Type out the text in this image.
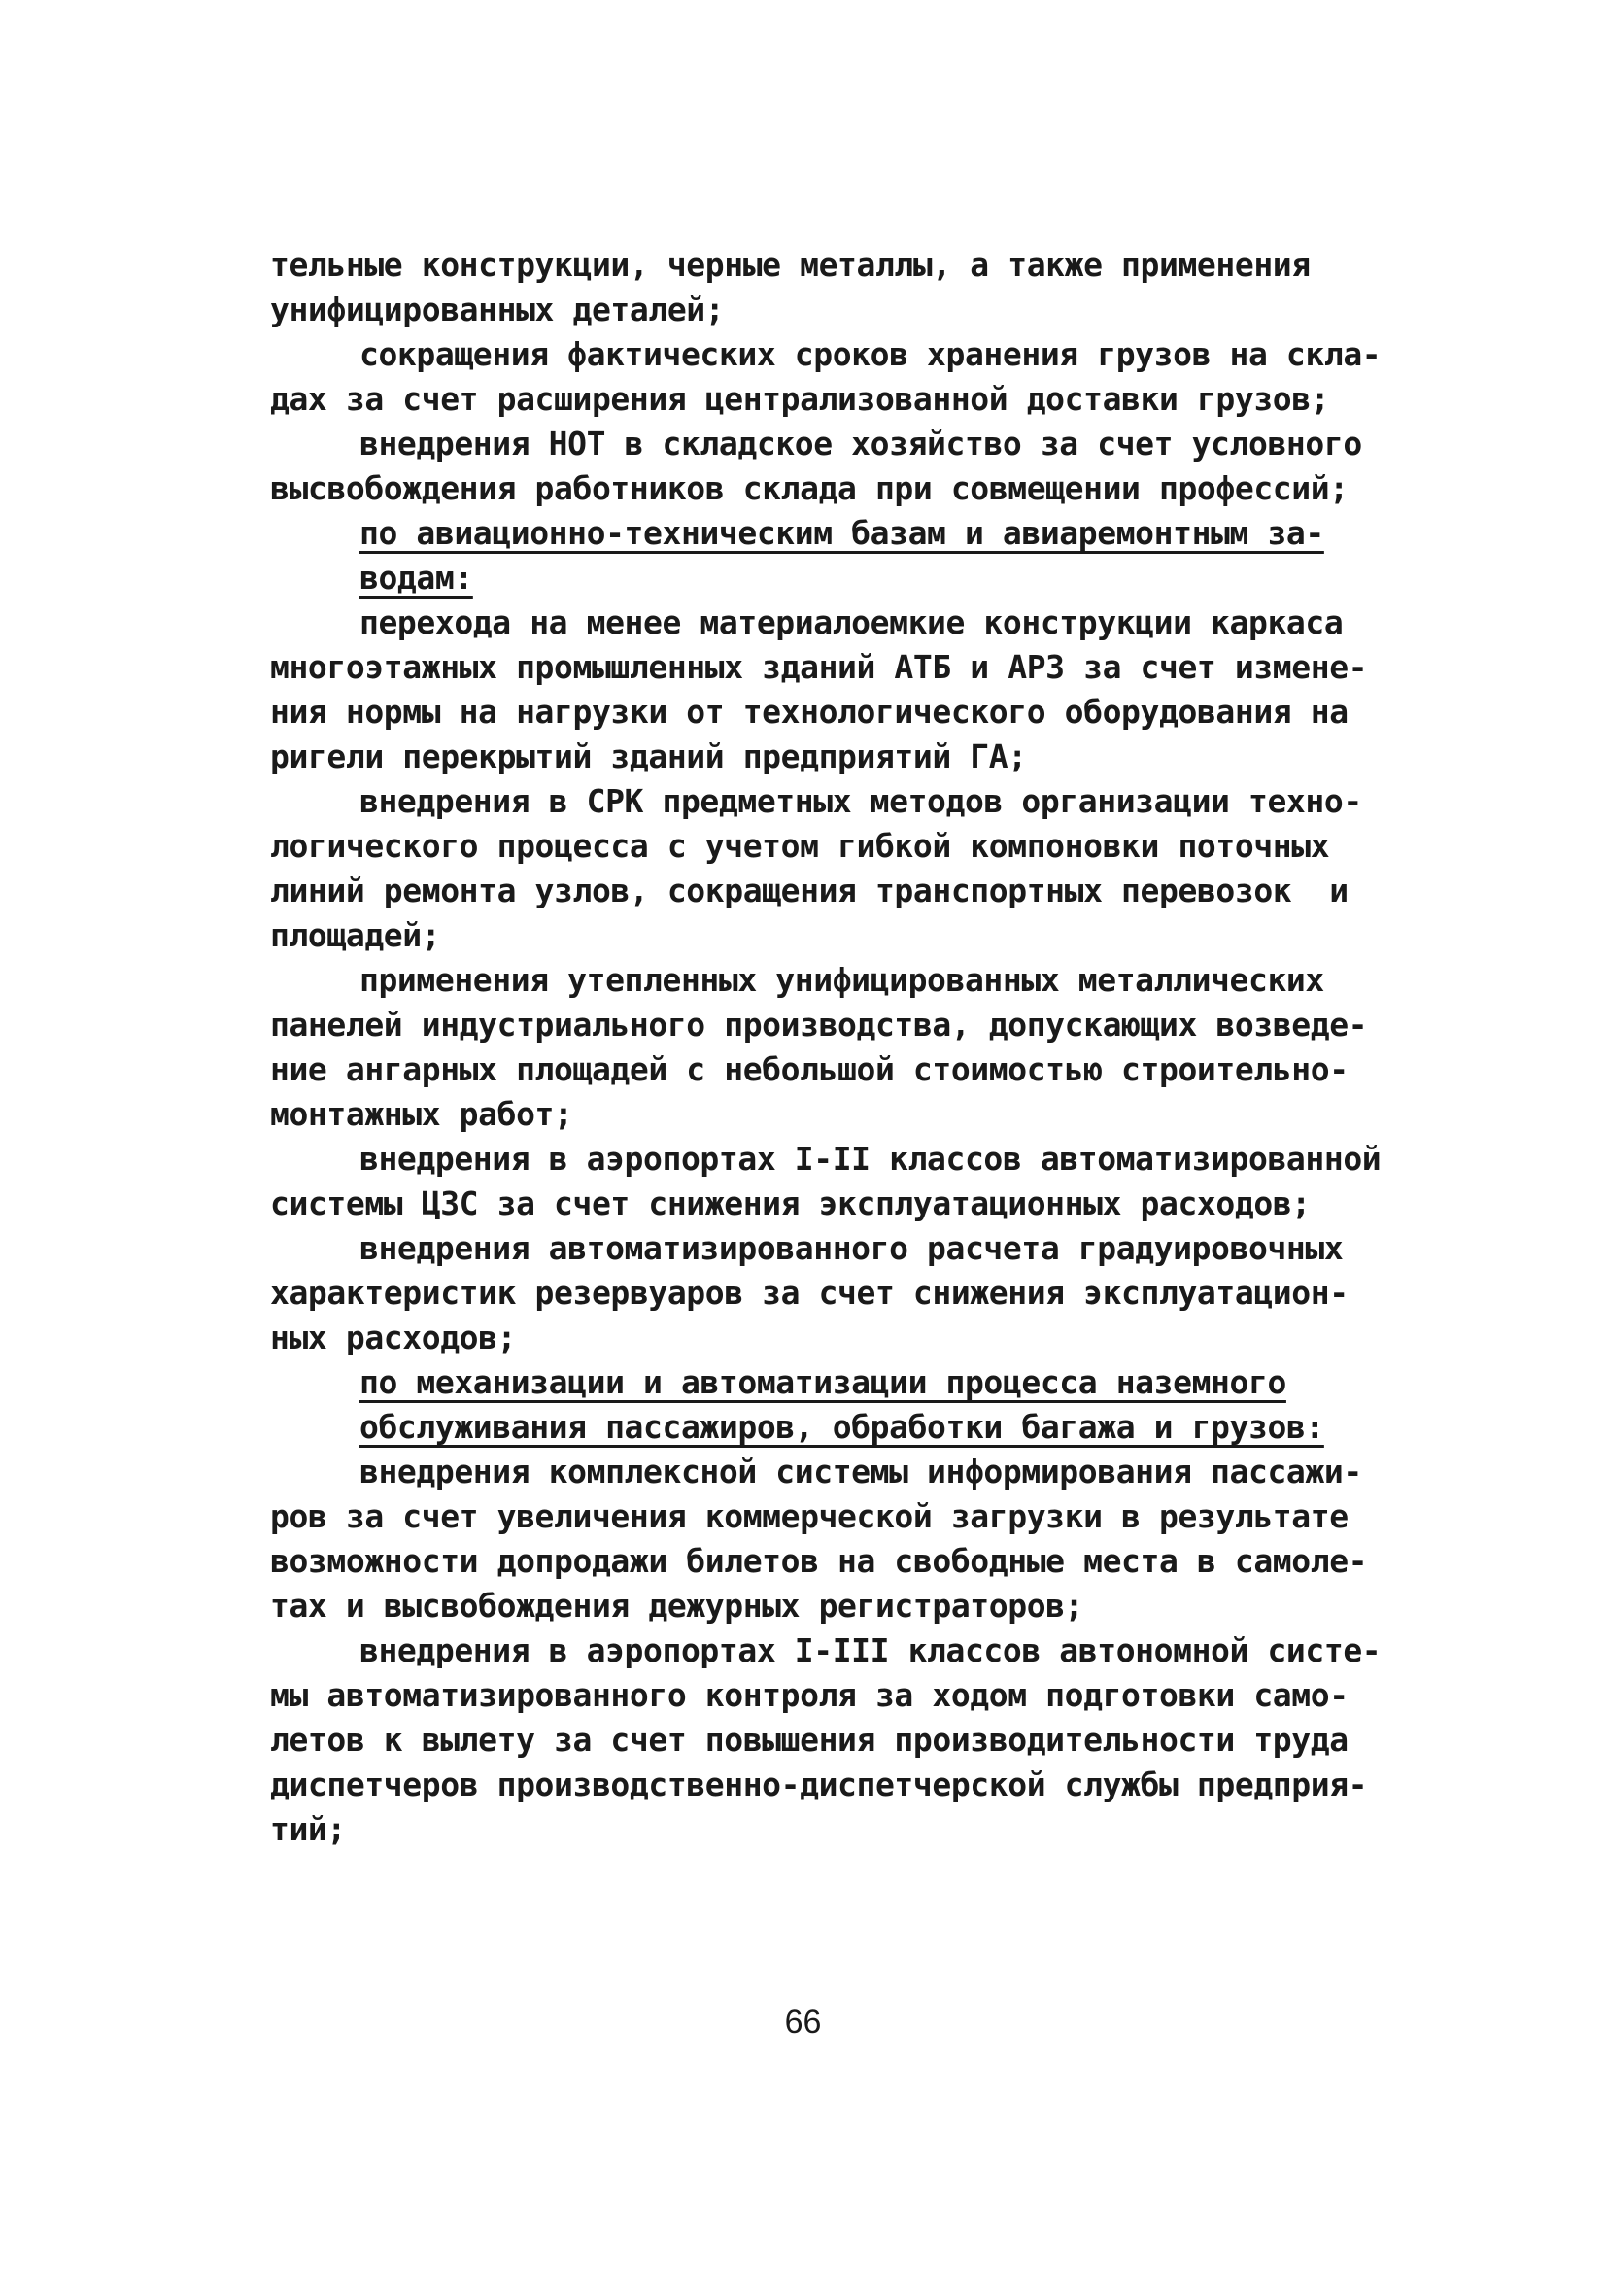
тельные конструкции, черные металлы, а также применения
унифицированных деталей;
сокращения фактических сроков хранения грузов на скла-
дах за счет расширения централизованной доставки грузов;
внедрения НОТ в складское хозяйство за счет условного
высвобождения работников склада при совмещении профессий;
по авиационно-техническим базам и авиаремонтным за-
водам:
перехода на менее материалоемкие конструкции каркаса
многоэтажных промышленных зданий АТБ и АРЗ за счет измене-
ния нормы на нагрузки от технологического оборудования на
ригели перекрытий зданий предприятий ГА;
внедрения в СРК предметных методов организации техно-
логического процесса с учетом гибкой компоновки поточных
линий ремонта узлов, сокращения транспортных перевозок  и
площадей;
применения утепленных унифицированных металлических
панелей индустриального производства, допускающих возведе-
ние ангарных площадей с небольшой стоимостью строительно-
монтажных работ;
внедрения в аэропортах I-II классов автоматизированной
системы ЦЗС за счет снижения эксплуатационных расходов;
внедрения автоматизированного расчета градуировочных
характеристик резервуаров за счет снижения эксплуатацион-
ных расходов;
по механизации и автоматизации процесса наземного
обслуживания пассажиров, обработки багажа и грузов:
внедрения комплексной системы информирования пассажи-
ров за счет увеличения коммерческой загрузки в результате
возможности допродажи билетов на свободные места в самоле-
тах и высвобождения дежурных регистраторов;
внедрения в аэропортах I-III классов автономной систе-
мы автоматизированного контроля за ходом подготовки само-
летов к вылету за счет повышения производительности труда
диспетчеров производственно-диспетчерской службы предприя-
тий;
66
